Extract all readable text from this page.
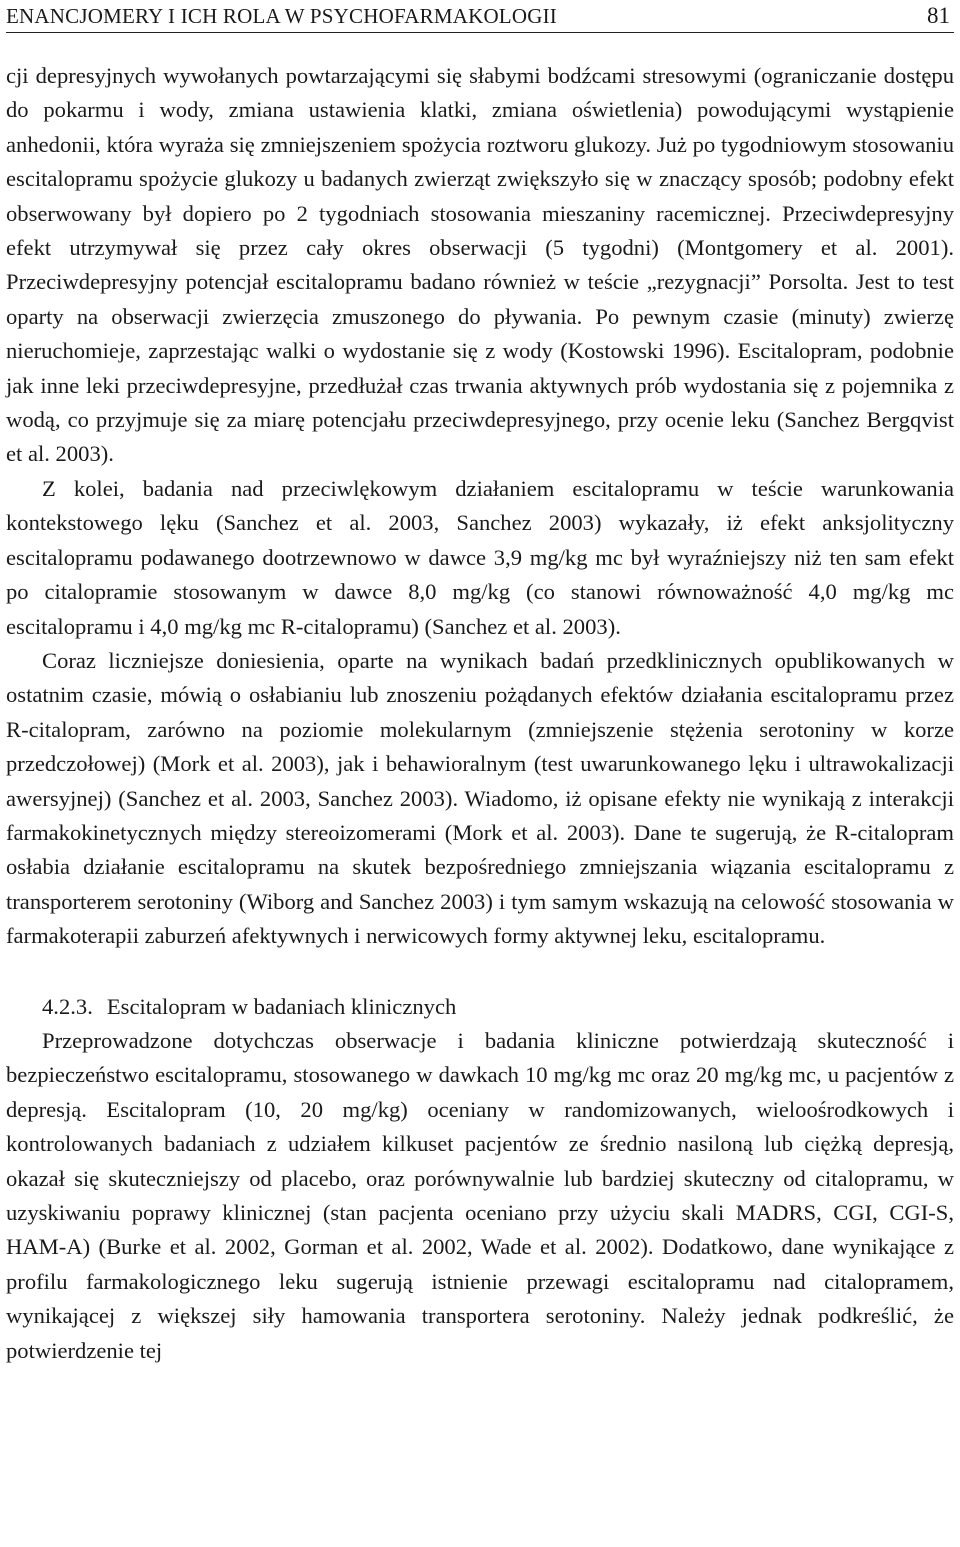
ENANCJOMERY I ICH ROLA W PSYCHOFARMAKOLOGII	81

cji depresyjnych wywołanych powtarzającymi się słabymi bodźcami stresowymi (ograniczanie dostępu do pokarmu i wody, zmiana ustawienia klatki, zmiana oświetlenia) powodującymi wystąpienie anhedonii, która wyraża się zmniejszeniem spożycia roztworu glukozy. Już po tygodniowym stosowaniu escitalopramu spożycie glukozy u badanych zwierząt zwiększyło się w znaczący sposób; podobny efekt obserwowany był dopiero po 2 tygodniach stosowania mieszaniny racemicznej. Przeciwdepresyjny efekt utrzymywał się przez cały okres obserwacji (5 tygodni) (Montgomery et al. 2001). Przeciwdepresyjny potencjał escitalopramu badano również w teście „rezygnacji” Porsolta. Jest to test oparty na obserwacji zwierzęcia zmuszonego do pływania. Po pewnym czasie (minuty) zwierzę nieruchomieje, zaprzestając walki o wydostanie się z wody (Kostowski 1996). Escitalopram, podobnie jak inne leki przeciwdepresyjne, przedłużał czas trwania aktywnych prób wydostania się z pojemnika z wodą, co przyjmuje się za miarę potencjału przeciwdepresyjnego, przy ocenie leku (Sanchez Bergqvist et al. 2003).

Z kolei, badania nad przeciwlękowym działaniem escitalopramu w teście warunkowania kontekstowego lęku (Sanchez et al. 2003, Sanchez 2003) wykazały, iż efekt anksjolityczny escitalopramu podawanego dootrzewnowo w dawce 3,9 mg/kg mc był wyraźniejszy niż ten sam efekt po citalopramie stosowanym w dawce 8,0 mg/kg (co stanowi równoważność 4,0 mg/kg mc escitalopramu i 4,0 mg/kg mc R-citalopramu) (Sanchez et al. 2003).

Coraz liczniejsze doniesienia, oparte na wynikach badań przedklinicznych opublikowanych w ostatnim czasie, mówią o osłabianiu lub znoszeniu pożądanych efektów działania escitalopramu przez R-citalopram, zarówno na poziomie molekularnym (zmniejszenie stężenia serotoniny w korze przedczołowej) (Mork et al. 2003), jak i behawioralnym (test uwarunkowanego lęku i ultrawokalizacji awersyjnej) (Sanchez et al. 2003, Sanchez 2003). Wiadomo, iż opisane efekty nie wynikają z interakcji farmakokinetycznych między stereoizomerami (Mork et al. 2003). Dane te sugerują, że R-citalopram osłabia działanie escitalopramu na skutek bezpośredniego zmniejszania wiązania escitalopramu z transporterem serotoniny (Wiborg and Sanchez 2003) i tym samym wskazują na celowość stosowania w farmakoterapii zaburzeń afektywnych i nerwicowych formy aktywnej leku, escitalopramu.

4.2.3. Escitalopram w badaniach klinicznych

Przeprowadzone dotychczas obserwacje i badania kliniczne potwierdzają skuteczność i bezpieczeństwo escitalopramu, stosowanego w dawkach 10 mg/kg mc oraz 20 mg/kg mc, u pacjentów z depresją. Escitalopram (10, 20 mg/kg) oceniany w randomizowanych, wieloośrodkowych i kontrolowanych badaniach z udziałem kilkuset pacjentów ze średnio nasiloną lub ciężką depresją, okazał się skuteczniejszy od placebo, oraz porównywalnie lub bardziej skuteczny od citalopramu, w uzyskiwaniu poprawy klinicznej (stan pacjenta oceniano przy użyciu skali MADRS, CGI, CGI-S, HAM-A) (Burke et al. 2002, Gorman et al. 2002, Wade et al. 2002). Dodatkowo, dane wynikające z profilu farmakologicznego leku sugerują istnienie przewagi escitalopramu nad citalopramem, wynikającej z większej siły hamowania transportera serotoniny. Należy jednak podkreślić, że potwierdzenie tej
